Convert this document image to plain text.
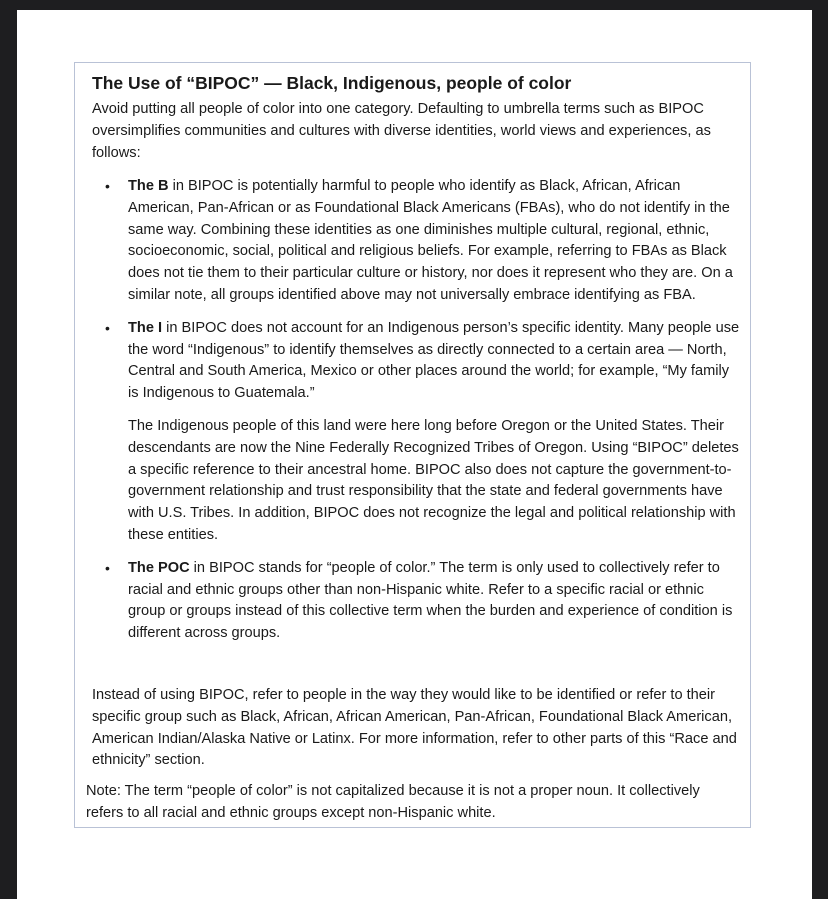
The Use of “BIPOC” — Black, Indigenous, people of color

Avoid putting all people of color into one category. Defaulting to umbrella terms such as BIPOC oversimplifies communities and cultures with diverse identities, world views and experiences, as follows:

• The B in BIPOC is potentially harmful to people who identify as Black, African, African American, Pan-African or as Foundational Black Americans (FBAs), who do not identify in the same way. Combining these identities as one diminishes multiple cultural, regional, ethnic, socioeconomic, social, political and religious beliefs. For example, referring to FBAs as Black does not tie them to their particular culture or history, nor does it represent who they are. On a similar note, all groups identified above may not universally embrace identifying as FBA.

• The I in BIPOC does not account for an Indigenous person’s specific identity. Many people use the word “Indigenous” to identify themselves as directly connected to a certain area — North, Central and South America, Mexico or other places around the world; for example, “My family is Indigenous to Guatemala.”

The Indigenous people of this land were here long before Oregon or the United States. Their descendants are now the Nine Federally Recognized Tribes of Oregon. Using “BIPOC” deletes a specific reference to their ancestral home. BIPOC also does not capture the government-to-government relationship and trust responsibility that the state and federal governments have with U.S. Tribes. In addition, BIPOC does not recognize the legal and political relationship with these entities.

• The POC in BIPOC stands for “people of color.” The term is only used to collectively refer to racial and ethnic groups other than non-Hispanic white. Refer to a specific racial or ethnic group or groups instead of this collective term when the burden and experience of condition is different across groups.

Instead of using BIPOC, refer to people in the way they would like to be identified or refer to their specific group such as Black, African, African American, Pan-African, Foundational Black American, American Indian/Alaska Native or Latinx. For more information, refer to other parts of this “Race and ethnicity” section.

Note: The term “people of color” is not capitalized because it is not a proper noun. It collectively refers to all racial and ethnic groups except non-Hispanic white.
